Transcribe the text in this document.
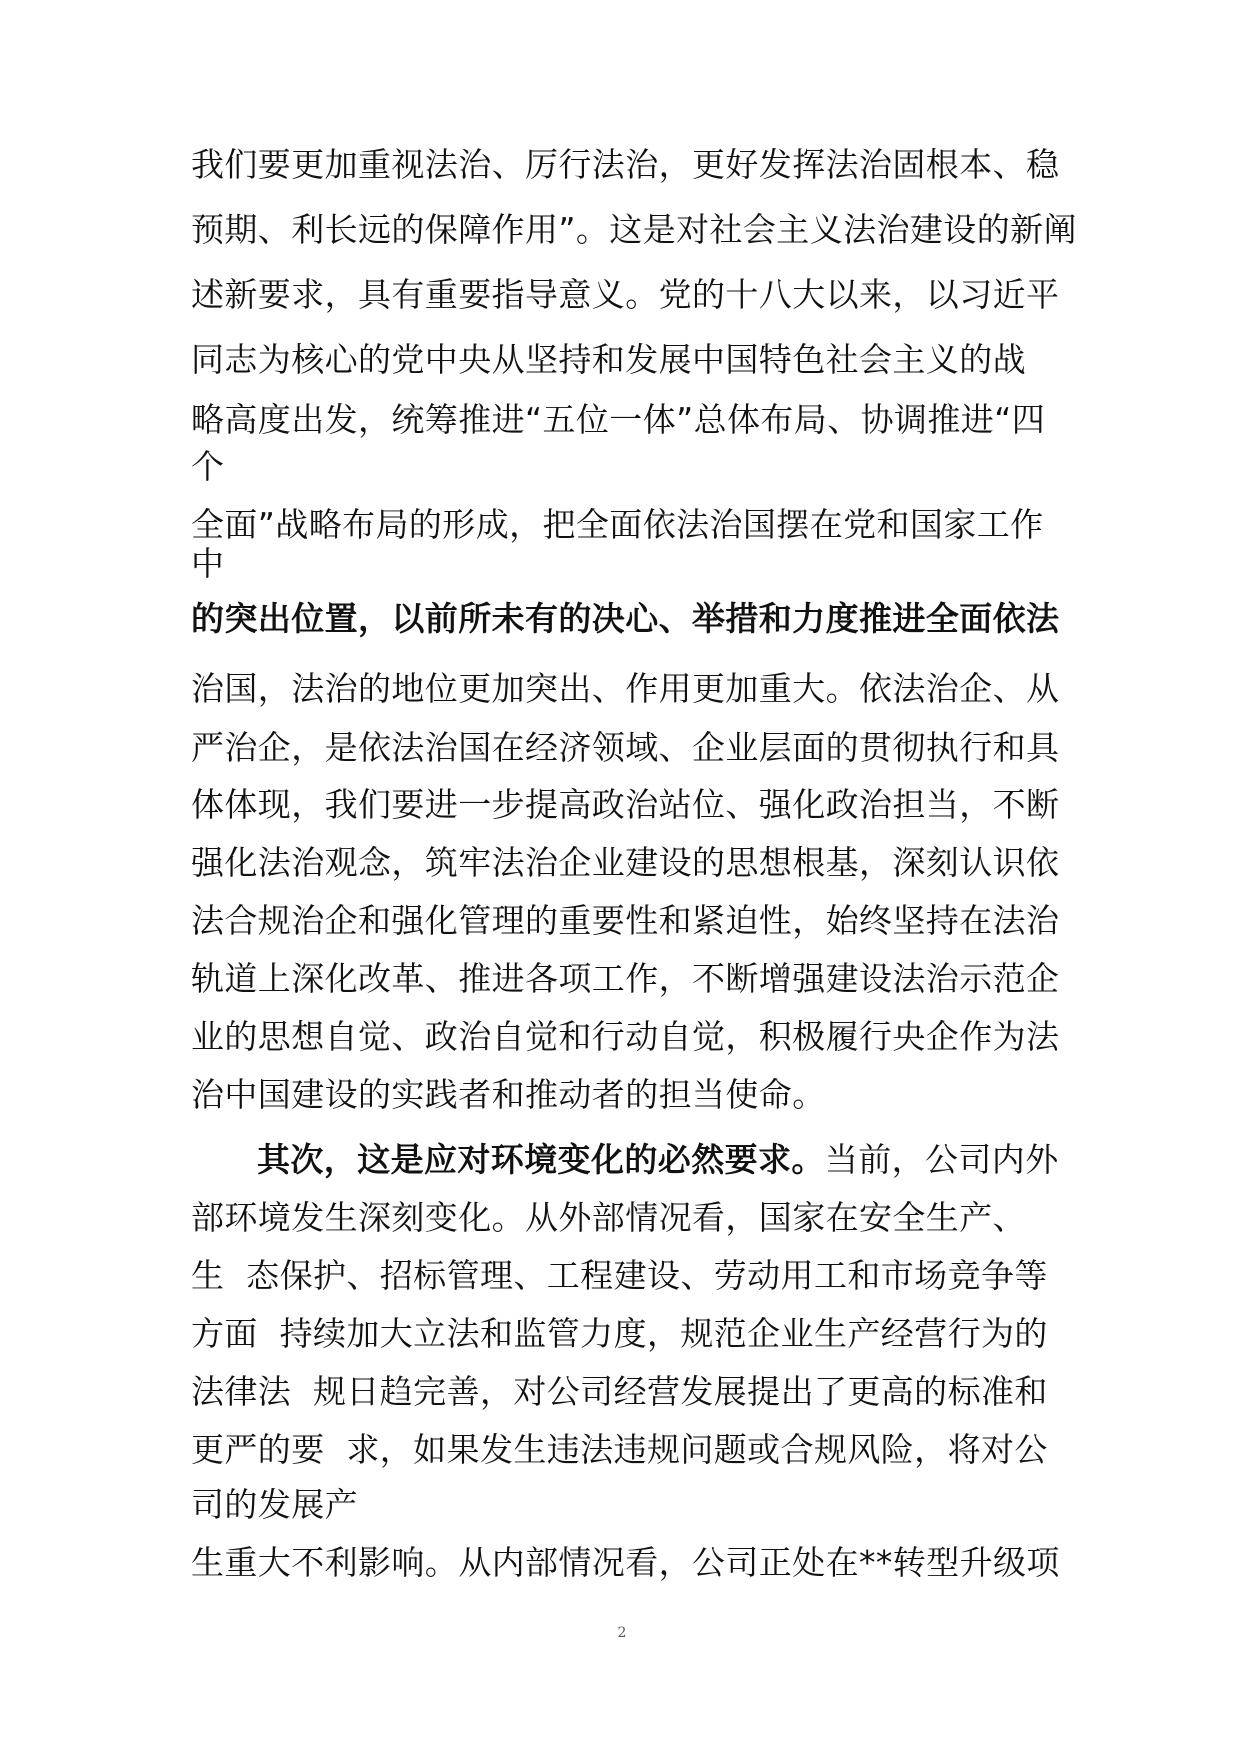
我们要更加重视法治、厉行法治，更好发挥法治固根本、稳
预期、利长远的保障作用”。这是对社会主义法治建设的新阐
述新要求，具有重要指导意义。党的十八大以来，以习近平
同志为核心的党中央从坚持和发展中国特色社会主义的战
略高度出发，统筹推进“五位一体”总体布局、协调推进“四
个
全面”战略布局的形成，把全面依法治国摆在党和国家工作
中
的突出位置，以前所未有的决心、举措和力度推进全面依法
治国，法治的地位更加突出、作用更加重大。依法治企、从
严治企，是依法治国在经济领域、企业层面的贯彻执行和具
体体现，我们要进一步提高政治站位、强化政治担当，不断
强化法治观念，筑牢法治企业建设的思想根基，深刻认识依
法合规治企和强化管理的重要性和紧迫性，始终坚持在法治
轨道上深化改革、推进各项工作，不断增强建设法治示范企
业的思想自觉、政治自觉和行动自觉，积极履行央企作为法
治中国建设的实践者和推动者的担当使命。
其次，这是应对环境变化的必然要求。当前，公司内外
部环境发生深刻变化。从外部情况看，国家在安全生产、
生  态保护、招标管理、工程建设、劳动用工和市场竞争等
方面  持续加大立法和监管力度，规范企业生产经营行为的
法律法  规日趋完善，对公司经营发展提出了更高的标准和
更严的要  求，如果发生违法违规问题或合规风险，将对公
司的发展产
生重大不利影响。从内部情况看，公司正处在**转型升级项
2
